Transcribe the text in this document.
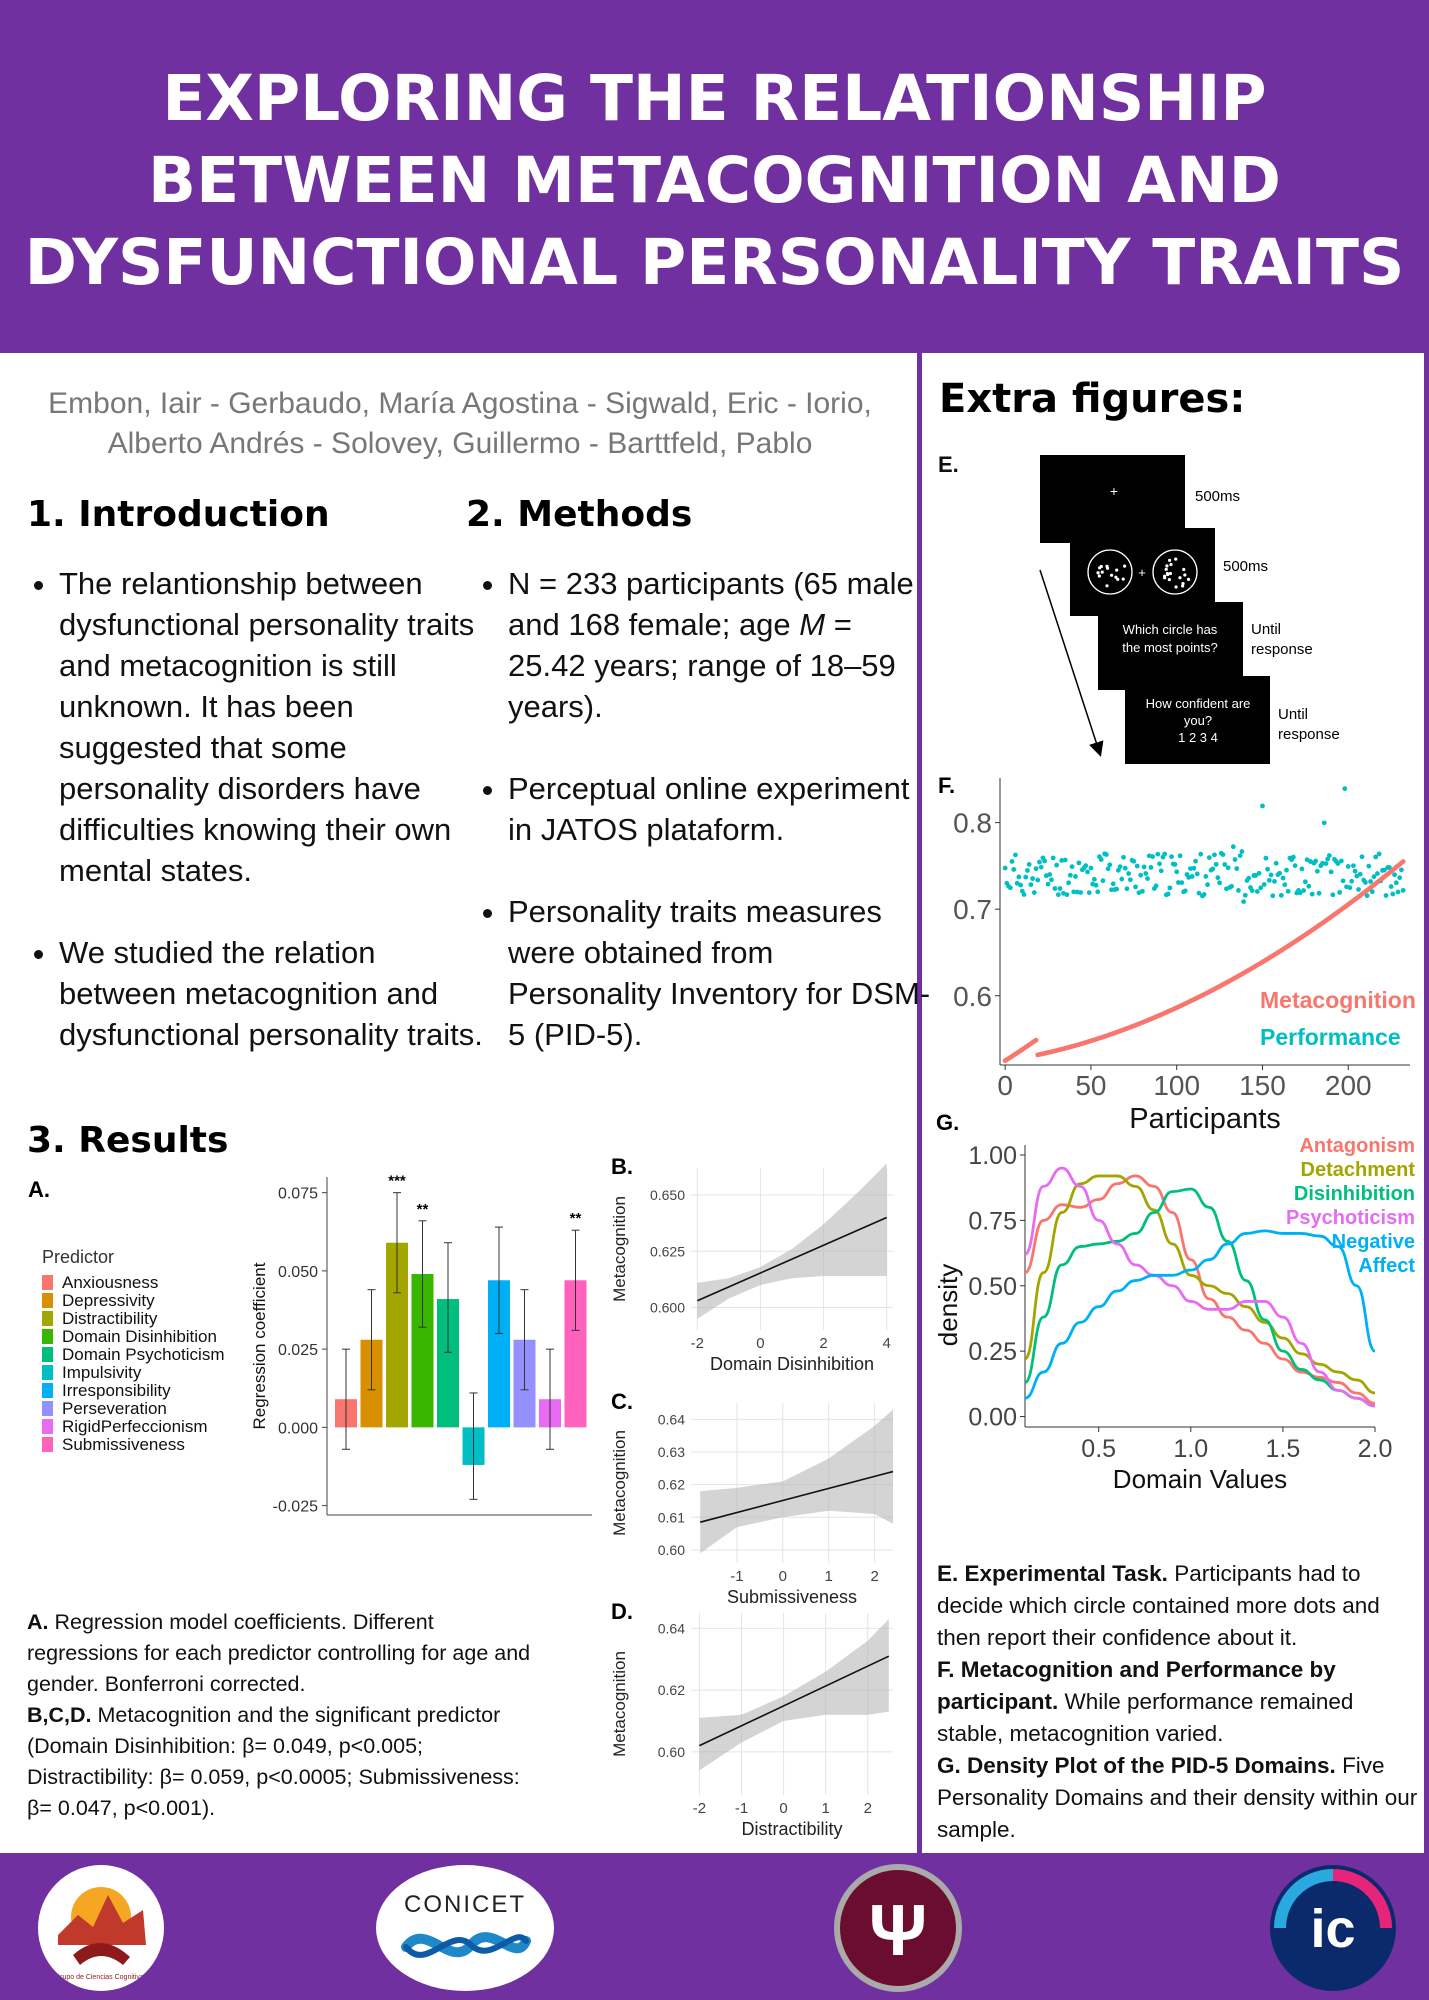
EXPLORING THE RELATIONSHIP
BETWEEN METACOGNITION AND
DYSFUNCTIONAL PERSONALITY TRAITS
Embon, Iair - Gerbaudo, María Agostina - Sigwald, Eric - Iorio,
Alberto Andrés - Solovey, Guillermo - Barttfeld, Pablo
1. Introduction
• The relantionship between dysfunctional personality traits and metacognition is still unknown. It has been suggested that some personality disorders have difficulties knowing their own mental states.
• We studied the relation between metacognition and dysfunctional personality traits.
2. Methods
• N = 233 participants (65 male and 168 female; age M = 25.42 years; range of 18–59 years).
• Perceptual online experiment in JATOS plataform.
• Personality traits measures were obtained from Personality Inventory for DSM-5 (PID-5).
3. Results
A.
Predictor
Anxiousness
Depressivity
Distractibility
Domain Disinhibition
Domain Psychoticism
Impulsivity
Irresponsibility
Perseveration
RigidPerfeccionism
Submissiveness
-0.025
0.000
0.025
0.050
0.075
Regression coefficient
***
**
**
B.
-2	0	2	4
0.600
0.625
0.650
Domain Disinhibition
Metacognition
C.
-1 0	1	2
0.60
0.61
0.62
0.63
0.64
Submissiveness
Metacognition
D.
-2 -1 0 1 2
0.60
0.62
0.64
Distractibility
Metacognition
A. Regression model coefficients. Different regressions for each predictor controlling for age and gender. Bonferroni corrected.
B,C,D. Metacognition and the significant predictor (Domain Disinhibition: β= 0.049, p<0.005; Distractibility: β= 0.059, p<0.0005; Submissiveness: β= 0.047, p<0.001).
Extra figures:
E.
+	500ms
+	500ms
Which circle has
the most points?
Until
response
How confident are
you?
1 2 3 4
Until
response
F.
0.6
0.7
0.8
0 50 100 150 200
Participants
Metacognition
Performance
G.
0.00
0.25
0.50
0.75
1.00
0.5 1.0 1.5 2.0
Domain Values
density
Antagonism
Detachment
Disinhibition
Psychoticism
Negative
Affect
E. Experimental Task. Participants had to decide which circle contained more dots and then report their confidence about it.
F. Metacognition and Performance by participant. While performance remained stable, metacognition varied.
G. Density Plot of the PID-5 Domains. Five Personality Domains and their density within our sample.
Grupo de Ciencias Cognitivas
CONICET	Ψ	ic
